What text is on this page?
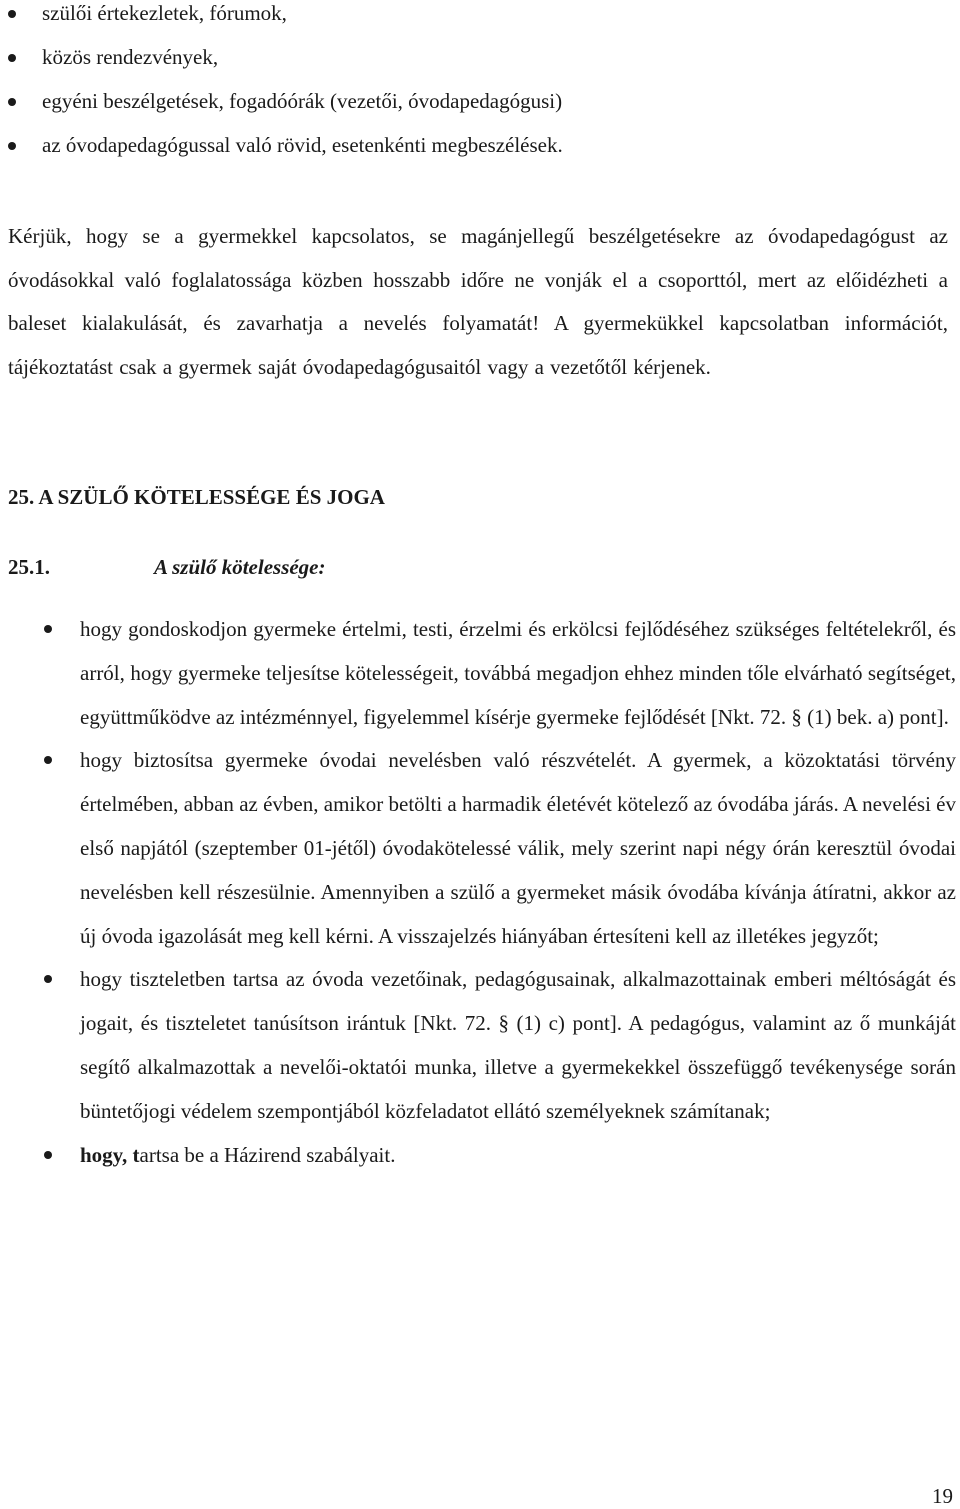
szülői értekezletek, fórumok,
közös rendezvények,
egyéni beszélgetések, fogadóórák (vezetői, óvodapedagógusi)
az óvodapedagógussal való rövid, esetenkénti megbeszélések.

Kérjük, hogy se a gyermekkel kapcsolatos, se magánjellegű beszélgetésekre az óvodapedagógust az óvodásokkal való foglalatossága közben hosszabb időre ne vonják el a csoporttól, mert az előidézheti a baleset kialakulását, és zavarhatja a nevelés folyamatát! A gyermekükkel kapcsolatban információt, tájékoztatást csak a gyermek saját óvodapedagógusaitól vagy a vezetőtől kérjenek.

25. A SZÜLŐ KÖTELESSÉGE ÉS JOGA
25.1.	A szülő kötelessége:
hogy gondoskodjon gyermeke értelmi, testi, érzelmi és erkölcsi fejlődéséhez szükséges feltételekről, és arról, hogy gyermeke teljesítse kötelességeit, továbbá megadjon ehhez minden tőle elvárható segítséget, együttműködve az intézménnyel, figyelemmel kísérje gyermeke fejlődését [Nkt. 72. § (1) bek. a) pont].
hogy biztosítsa gyermeke óvodai nevelésben való részvételét. A gyermek, a közoktatási törvény értelmében, abban az évben, amikor betölti a harmadik életévét kötelező az óvodába járás. A nevelési év első napjától (szeptember 01-jétől) óvodakötelessé válik, mely szerint napi négy órán keresztül óvodai nevelésben kell részesülnie. Amennyiben a szülő a gyermeket másik óvodába kívánja átíratni, akkor az új óvoda igazolását meg kell kérni. A visszajelzés hiányában értesíteni kell az illetékes jegyzőt;
hogy tiszteletben tartsa az óvoda vezetőinak, pedagógusainak, alkalmazottainak emberi méltóságát és jogait, és tiszteletet tanúsítson irántuk [Nkt. 72. § (1) c) pont]. A pedagógus, valamint az ő munkáját segítő alkalmazottak a nevelői-oktatói munka, illetve a gyermekekkel összefüggő tevékenysége során büntetőjogi védelem szempontjából közfeladatot ellátó személyeknek számítanak;
hogy, tartsa be a Házirend szabályait.
19
